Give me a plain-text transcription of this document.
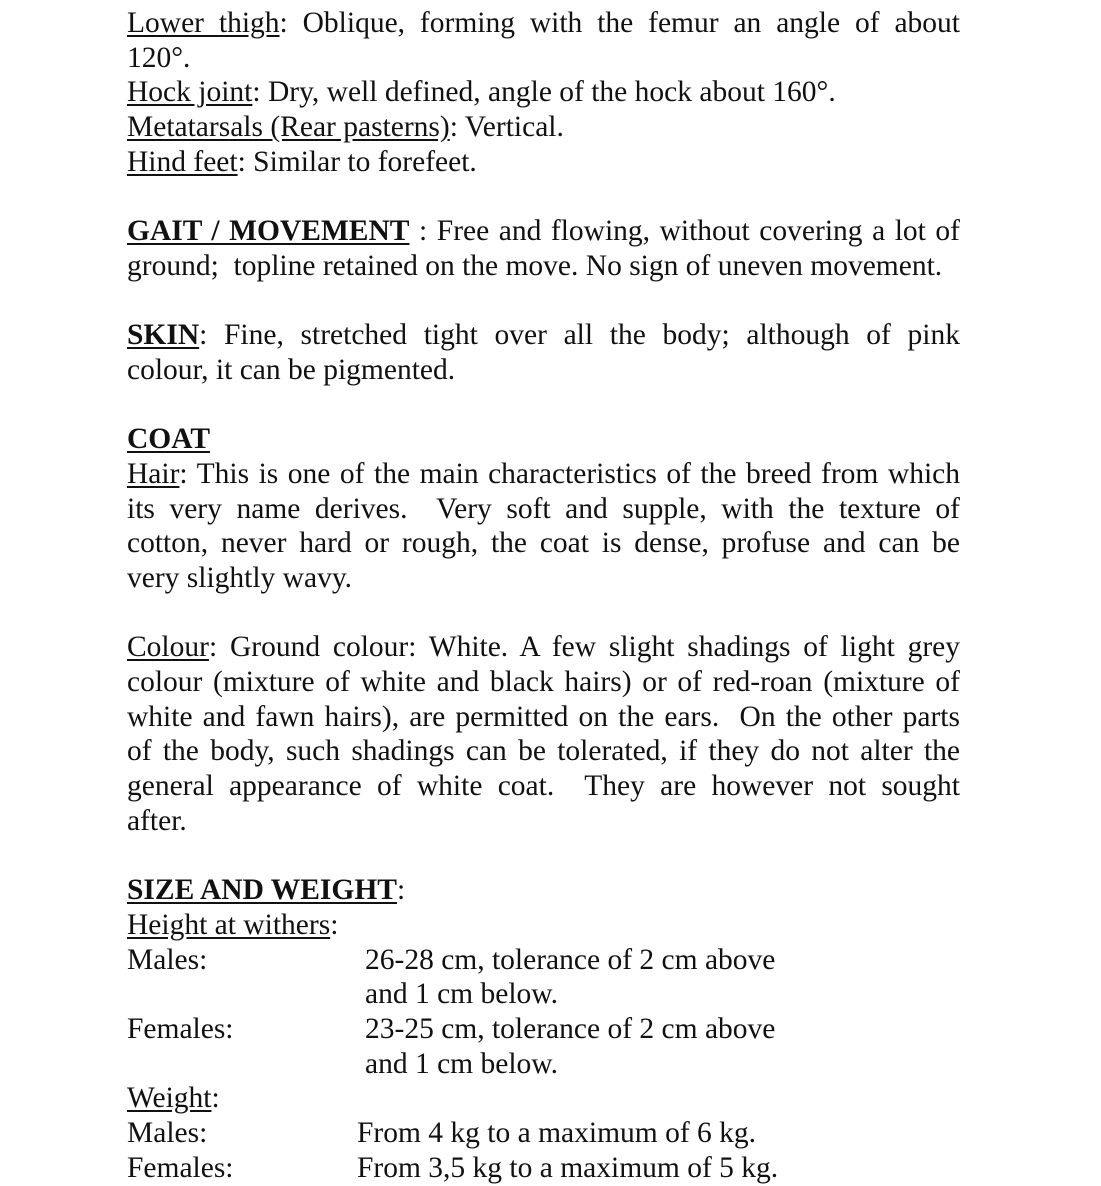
Lower thigh: Oblique, forming with the femur an angle of about
120°.
Hock joint: Dry, well defined, angle of the hock about 160°.
Metatarsals (Rear pasterns): Vertical.
Hind feet: Similar to forefeet.
GAIT / MOVEMENT : Free and flowing, without covering a lot of
ground;  topline retained on the move. No sign of uneven movement.
SKIN: Fine, stretched tight over all the body; although of pink
colour, it can be pigmented.
COAT
Hair: This is one of the main characteristics of the breed from which
its very name derives.  Very soft and supple, with the texture of
cotton, never hard or rough, the coat is dense, profuse and can be
very slightly wavy.
Colour: Ground colour: White. A few slight shadings of light grey
colour (mixture of white and black hairs) or of red-roan (mixture of
white and fawn hairs), are permitted on the ears.  On the other parts
of the body, such shadings can be tolerated, if they do not alter the
general appearance of white coat.  They are however not sought
after.
SIZE AND WEIGHT:
Height at withers:
Males:	26-28 cm, tolerance of 2 cm above
and 1 cm below.
Females:	23-25 cm, tolerance of 2 cm above
and 1 cm below.
Weight:
Males:	From 4 kg to a maximum of 6 kg.
Females:	From 3,5 kg to a maximum of 5 kg.
